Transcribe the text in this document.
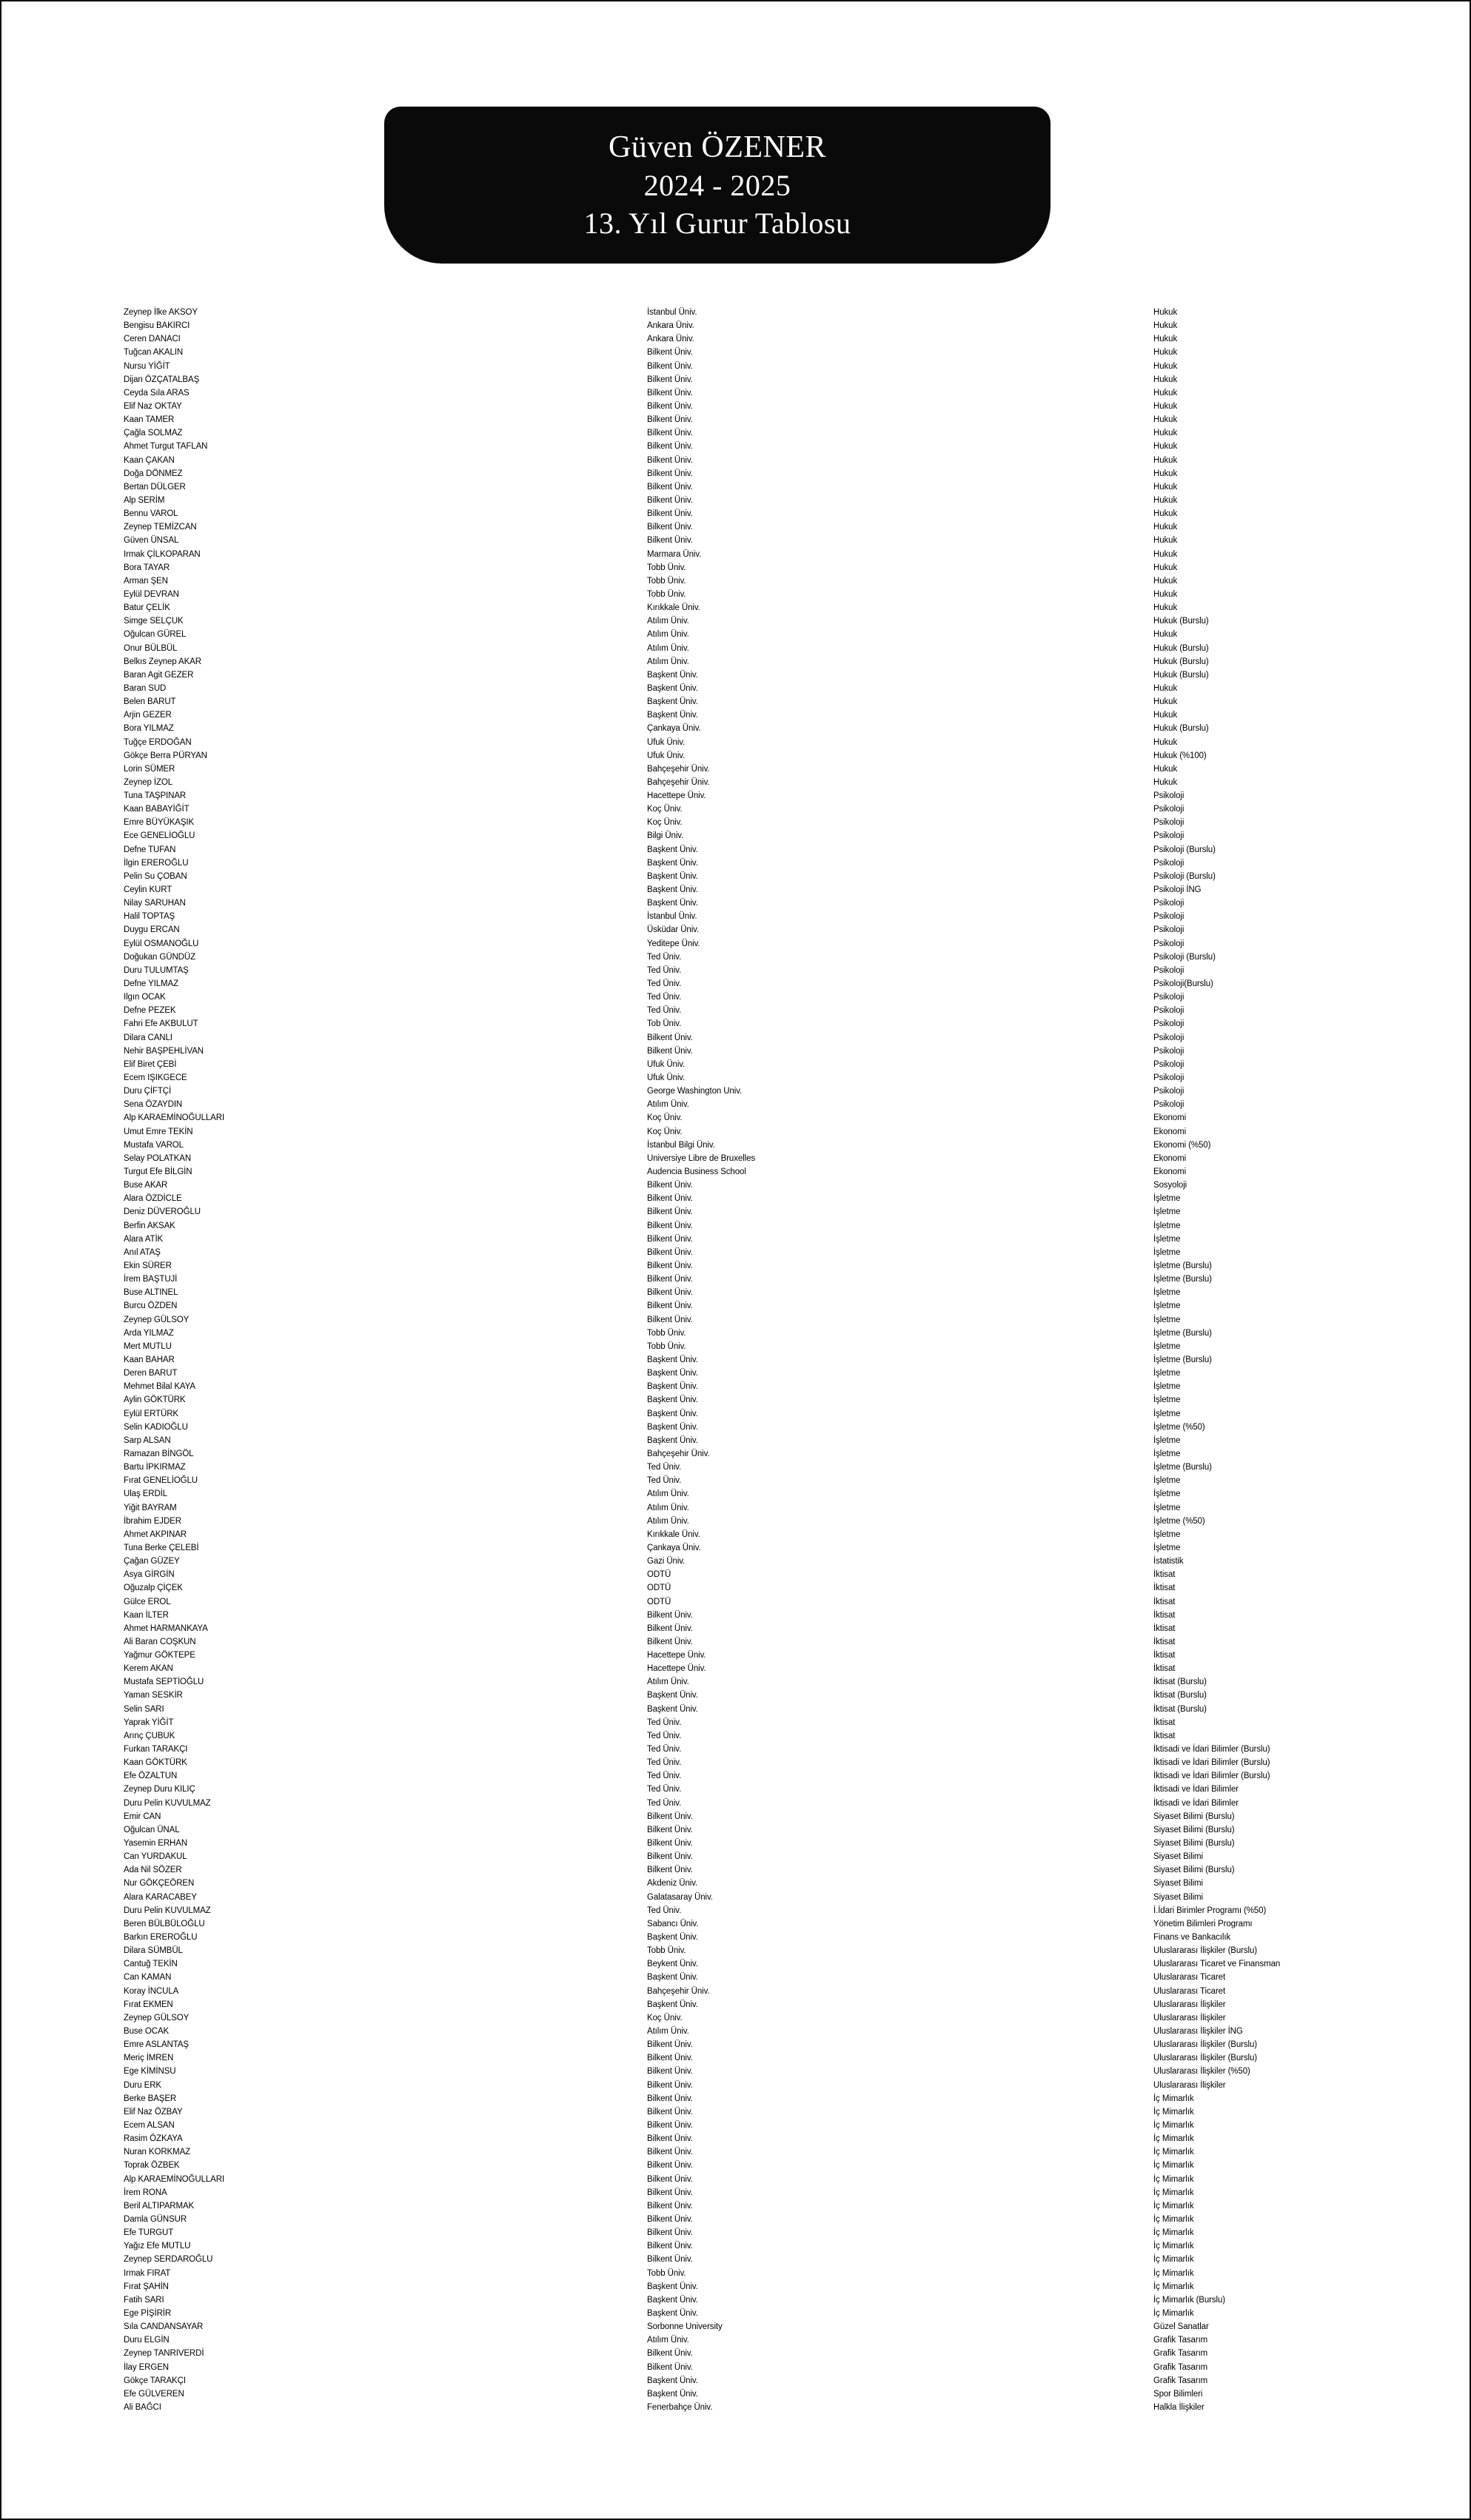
Güven ÖZENER
2024 - 2025
13. Yıl Gurur Tablosu
Zeynep İlke AKSOY	İstanbul Üniv.	Hukuk
Bengisu BAKIRCI	Ankara Üniv.	Hukuk
Ceren DANACI	Ankara Üniv.	Hukuk
Tuğcan AKALIN	Bilkent Üniv.	Hukuk
Nursu YİĞİT	Bilkent Üniv.	Hukuk
Dijan ÖZÇATALBAŞ	Bilkent Üniv.	Hukuk
Ceyda Sıla ARAS	Bilkent Üniv.	Hukuk
Elif Naz OKTAY	Bilkent Üniv.	Hukuk
Kaan TAMER	Bilkent Üniv.	Hukuk
Çağla SOLMAZ	Bilkent Üniv.	Hukuk
Ahmet Turgut TAFLAN	Bilkent Üniv.	Hukuk
Kaan ÇAKAN	Bilkent Üniv.	Hukuk
Doğa DÖNMEZ	Bilkent Üniv.	Hukuk
Bertan DÜLGER	Bilkent Üniv.	Hukuk
Alp SERİM	Bilkent Üniv.	Hukuk
Bennu VAROL	Bilkent Üniv.	Hukuk
Zeynep TEMİZCAN	Bilkent Üniv.	Hukuk
Güven ÜNSAL	Bilkent Üniv.	Hukuk
Irmak ÇİLKOPARAN	Marmara Üniv.	Hukuk
Bora TAYAR	Tobb Üniv.	Hukuk
Arman ŞEN	Tobb Üniv.	Hukuk
Eylül DEVRAN	Tobb Üniv.	Hukuk
Batur ÇELİK	Kırıkkale Üniv.	Hukuk
Simge SELÇUK	Atılım Üniv.	Hukuk (Burslu)
Oğulcan GÜREL	Atılım Üniv.	Hukuk
Onur BÜLBÜL	Atılım Üniv.	Hukuk (Burslu)
Belkıs Zeynep AKAR	Atılım Üniv.	Hukuk (Burslu)
Baran Agit GEZER	Başkent Üniv.	Hukuk (Burslu)
Baran SUD	Başkent Üniv.	Hukuk
Belen BARUT	Başkent Üniv.	Hukuk
Arjin GEZER	Başkent Üniv.	Hukuk
Bora YILMAZ	Çankaya Üniv.	Hukuk (Burslu)
Tuğçe ERDOĞAN	Ufuk Üniv.	Hukuk
Gökçe Berra PÜRYAN	Ufuk Üniv.	Hukuk (%100)
Lorin SÜMER	Bahçeşehir Üniv.	Hukuk
Zeynep İZOL	Bahçeşehir Üniv.	Hukuk
Tuna TAŞPINAR	Hacettepe Üniv.	Psikoloji
Kaan BABAYİĞİT	Koç Üniv.	Psikoloji
Emre BÜYÜKAŞIK	Koç Üniv.	Psikoloji
Ece GENELİOĞLU	Bilgi Üniv.	Psikoloji
Defne TUFAN	Başkent Üniv.	Psikoloji (Burslu)
İlgin EREROĞLU	Başkent Üniv.	Psikoloji
Pelin Su ÇOBAN	Başkent Üniv.	Psikoloji (Burslu)
Ceylin KURT	Başkent Üniv.	Psikoloji İNG
Nilay SARUHAN	Başkent Üniv.	Psikoloji
Halil TOPTAŞ	İstanbul Üniv.	Psikoloji
Duygu ERCAN	Üsküdar Üniv.	Psikoloji
Eylül OSMANOĞLU	Yeditepe Üniv.	Psikoloji
Doğukan GÜNDÜZ	Ted Üniv.	Psikoloji (Burslu)
Duru TULUMTAŞ	Ted Üniv.	Psikoloji
Defne YILMAZ	Ted Üniv.	Psikoloji(Burslu)
Ilgın OCAK	Ted Üniv.	Psikoloji
Defne PEZEK	Ted Üniv.	Psikoloji
Fahri Efe AKBULUT	Tob Üniv.	Psikoloji
Dilara CANLI	Bilkent Üniv.	Psikoloji
Nehir BAŞPEHLİVAN	Bilkent Üniv.	Psikoloji
Elif Biret ÇEBİ	Ufuk Üniv.	Psikoloji
Ecem IŞIKGECE	Ufuk Üniv.	Psikoloji
Duru ÇİFTÇİ	George Washington Univ.	Psikoloji
Sena ÖZAYDIN	Atılım Üniv.	Psikoloji
Alp KARAEMİNOĞULLARI	Koç Üniv.	Ekonomi
Umut Emre TEKİN	Koç Üniv.	Ekonomi
Mustafa VAROL	İstanbul Bilgi Üniv.	Ekonomi (%50)
Selay POLATKAN	Universiye Libre de Bruxelles	Ekonomi
Turgut Efe BİLGİN	Audencia Business School	Ekonomi
Buse AKAR	Bilkent Üniv.	Sosyoloji
Alara ÖZDİCLE	Bilkent Üniv.	İşletme
Deniz DÜVEROĞLU	Bilkent Üniv.	İşletme
Berfin AKSAK	Bilkent Üniv.	İşletme
Alara ATİK	Bilkent Üniv.	İşletme
Anıl ATAŞ	Bilkent Üniv.	İşletme
Ekin SÜRER	Bilkent Üniv.	İşletme (Burslu)
İrem BAŞTUJİ	Bilkent Üniv.	İşletme (Burslu)
Buse ALTINEL	Bilkent Üniv.	İşletme
Burcu ÖZDEN	Bilkent Üniv.	İşletme
Zeynep GÜLSOY	Bilkent Üniv.	İşletme
Arda YILMAZ	Tobb Üniv.	İşletme (Burslu)
Mert MUTLU	Tobb Üniv.	İşletme
Kaan BAHAR	Başkent Üniv.	İşletme (Burslu)
Deren BARUT	Başkent Üniv.	İşletme
Mehmet Bilal KAYA	Başkent Üniv.	İşletme
Aylin GÖKTÜRK	Başkent Üniv.	İşletme
Eylül ERTÜRK	Başkent Üniv.	İşletme
Selin KADIOĞLU	Başkent Üniv.	İşletme (%50)
Sarp ALSAN	Başkent Üniv.	İşletme
Ramazan BİNGÖL	Bahçeşehir Üniv.	İşletme
Bartu İPKIRMAZ	Ted Üniv.	İşletme (Burslu)
Fırat GENELİOĞLU	Ted Üniv.	İşletme
Ulaş ERDİL	Atılım Üniv.	İşletme
Yiğit BAYRAM	Atılım Üniv.	İşletme
İbrahim EJDER	Atılım Üniv.	İşletme (%50)
Ahmet AKPINAR	Kırıkkale Üniv.	İşletme
Tuna Berke ÇELEBİ	Çankaya Üniv.	İşletme
Çağan GÜZEY	Gazi Üniv.	İstatistik
Asya GİRGİN	ODTÜ	İktisat
Oğuzalp ÇİÇEK	ODTÜ	İktisat
Gülce EROL	ODTÜ	İktisat
Kaan İLTER	Bilkent Üniv.	İktisat
Ahmet HARMANKAYA	Bilkent Üniv.	İktisat
Ali Baran COŞKUN	Bilkent Üniv.	İktisat
Yağmur GÖKTEPE	Hacettepe Üniv.	İktisat
Kerem AKAN	Hacettepe Üniv.	İktisat
Mustafa SEPTİOĞLU	Atılım Üniv.	İktisat (Burslu)
Yaman SESKİR	Başkent Üniv.	İktisat (Burslu)
Selin SARI	Başkent Üniv.	İktisat (Burslu)
Yaprak YİĞİT	Ted Üniv.	İktisat
Arınç ÇUBUK	Ted Üniv.	İktisat
Furkan TARAKÇI	Ted Üniv.	İktisadi ve İdari Bilimler (Burslu)
Kaan GÖKTÜRK	Ted Üniv.	İktisadi ve İdari Bilimler (Burslu)
Efe ÖZALTUN	Ted Üniv.	İktisadi ve İdari Bilimler (Burslu)
Zeynep Duru KILIÇ	Ted Üniv.	İktisadi ve İdari Bilimler
Duru Pelin KUVULMAZ	Ted Üniv.	İktisadi ve İdari Bilimler
Emir CAN	Bilkent Üniv.	Siyaset Bilimi (Burslu)
Oğulcan ÜNAL	Bilkent Üniv.	Siyaset Bilimi (Burslu)
Yasemin ERHAN	Bilkent Üniv.	Siyaset Bilimi (Burslu)
Can YURDAKUL	Bilkent Üniv.	Siyaset Bilimi
Ada Nil SÖZER	Bilkent Üniv.	Siyaset Bilimi (Burslu)
Nur GÖKÇEÖREN	Akdeniz Üniv.	Siyaset Bilimi
Alara KARACABEY	Galatasaray Üniv.	Siyaset Bilimi
Duru Pelin KUVULMAZ	Ted Üniv.	İ.İdari Birimler Programı (%50)
Beren BÜLBÜLOĞLU	Sabancı Üniv.	Yönetim Bilimleri Programı
Barkın EREROĞLU	Başkent Üniv.	Finans ve Bankacılık
Dilara SÜMBÜL	Tobb Üniv.	Uluslararası İlişkiler (Burslu)
Cantuğ TEKİN	Beykent Üniv.	Uluslararası Ticaret ve Finansman
Can KAMAN	Başkent Üniv.	Uluslararası Ticaret
Koray İNCULA	Bahçeşehir Üniv.	Uluslararası Ticaret
Fırat EKMEN	Başkent Üniv.	Uluslararası İlişkiler
Zeynep GÜLSOY	Koç Üniv.	Uluslararası İlişkiler
Buse OCAK	Atılım Üniv.	Uluslararası İlişkiler İNG
Emre ASLANTAŞ	Bilkent Üniv.	Uluslararası İlişkiler (Burslu)
Meriç İMREN	Bilkent Üniv.	Uluslararası İlişkiler (Burslu)
Ege KİMİNSU	Bilkent Üniv.	Uluslararası İlişkiler (%50)
Duru ERK	Bilkent Üniv.	Uluslararası İlişkiler
Berke BAŞER	Bilkent Üniv.	İç Mimarlık
Elif Naz ÖZBAY	Bilkent Üniv.	İç Mimarlık
Ecem ALSAN	Bilkent Üniv.	İç Mimarlık
Rasim ÖZKAYA	Bilkent Üniv.	İç Mimarlık
Nuran KORKMAZ	Bilkent Üniv.	İç Mimarlık
Toprak ÖZBEK	Bilkent Üniv.	İç Mimarlık
Alp KARAEMİNOĞULLARI	Bilkent Üniv.	İç Mimarlık
İrem RONA	Bilkent Üniv.	İç Mimarlık
Beril ALTIPARMAK	Bilkent Üniv.	İç Mimarlık
Damla GÜNSUR	Bilkent Üniv.	İç Mimarlık
Efe TURGUT	Bilkent Üniv.	İç Mimarlık
Yağız Efe MUTLU	Bilkent Üniv.	İç Mimarlık
Zeynep SERDAROĞLU	Bilkent Üniv.	İç Mimarlık
Irmak FIRAT	Tobb Üniv.	İç Mimarlık
Fırat ŞAHİN	Başkent Üniv.	İç Mimarlık
Fatih SARI	Başkent Üniv.	İç Mimarlık (Burslu)
Ege PİŞİRİR	Başkent Üniv.	İç Mimarlık
Sıla CANDANSAYAR	Sorbonne University	Güzel Sanatlar
Duru ELGİN	Atılım Üniv.	Grafik Tasarım
Zeynep TANRIVERDİ	Bilkent Üniv.	Grafik Tasarım
İlay ERGEN	Bilkent Üniv.	Grafik Tasarım
Gökçe TARAKÇI	Başkent Üniv.	Grafik Tasarım
Efe GÜLVEREN	Başkent Üniv.	Spor Bilimleri
Ali BAĞCI	Fenerbahçe Üniv.	Halkla İlişkiler
